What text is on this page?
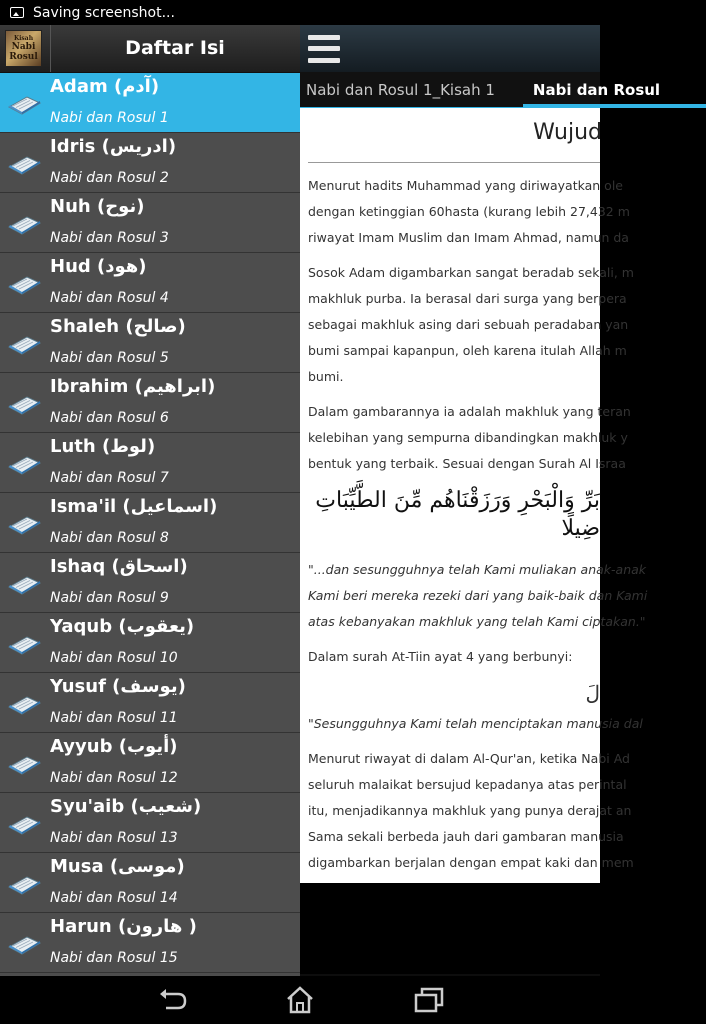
Saving screenshot...
Nabi dan Rosul 1_Kisah 1	Nabi dan Rosul
Wujud
Menurut hadits Muhammad yang diriwayatkan ole
dengan ketinggian 60hasta (kurang lebih 27,432 m
riwayat Imam Muslim dan Imam Ahmad, namun da
Sosok Adam digambarkan sangat beradab sekali, m
makhluk purba. Ia berasal dari surga yang berpera
sebagai makhluk asing dari sebuah peradaban yan
bumi sampai kapanpun, oleh karena itulah Allah m
bumi.
Dalam gambarannya ia adalah makhluk yang teran
kelebihan yang sempurna dibandingkan makhluk y
bentuk yang terbaik. Sesuai dengan Surah Al Israa
بَرِّ وَالْبَحْرِ وَرَزَقْنَاهُم مِّنَ الطَّيِّبَاتِ
ضِيلًا
"...dan sesungguhnya telah Kami muliakan anak-anak
Kami beri mereka rezeki dari yang baik-baik dan Kami
atas kebanyakan makhluk yang telah Kami ciptakan."
Dalam surah At-Tiin ayat 4 yang berbunyi:
لَ
"Sesungguhnya Kami telah menciptakan manusia dal
Menurut riwayat di dalam Al-Qur'an, ketika Nabi Ad
seluruh malaikat bersujud kepadanya atas perintal
itu, menjadikannya makhluk yang punya derajat an
Sama sekali berbeda jauh dari gambaran manusia
digambarkan berjalan dengan empat kaki dan mem
Kisah
Nabi
Rosul	Daftar Isi
Adam (آدم)
Nabi dan Rosul 1
Idris (ادريس)
Nabi dan Rosul 2
Nuh (نوح)
Nabi dan Rosul 3
Hud (هود)
Nabi dan Rosul 4
Shaleh (صالح)
Nabi dan Rosul 5
Ibrahim (ابراهيم)
Nabi dan Rosul 6
Luth (لوط)
Nabi dan Rosul 7
Isma'il (اسماعيل)
Nabi dan Rosul 8
Ishaq (اسحاق)
Nabi dan Rosul 9
Yaqub (يعقوب)
Nabi dan Rosul 10
Yusuf (يوسف)
Nabi dan Rosul 11
Ayyub (أيوب)
Nabi dan Rosul 12
Syu'aib (شعيب)
Nabi dan Rosul 13
Musa (موسى)
Nabi dan Rosul 14
Harun (هارون )
Nabi dan Rosul 15
